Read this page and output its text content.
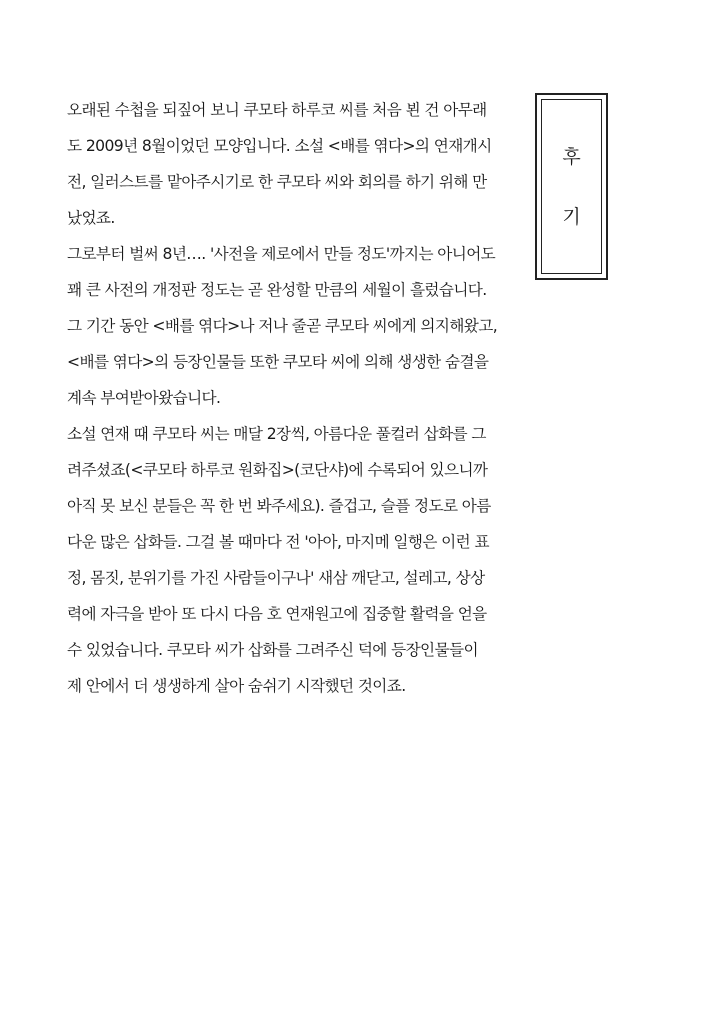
후
기
오래된 수첩을 되짚어 보니 쿠모타 하루코 씨를 처음 뵌 건 아무래
도 2009년 8월이었던 모양입니다. 소설 <배를 엮다>의 연재개시
전, 일러스트를 맡아주시기로 한 쿠모타 씨와 회의를 하기 위해 만
났었죠.
그로부터 벌써 8년…. '사전을 제로에서 만들 정도'까지는 아니어도
꽤 큰 사전의 개정판 정도는 곧 완성할 만큼의 세월이 흘렀습니다.
그 기간 동안 <배를 엮다>나 저나 줄곧 쿠모타 씨에게 의지해왔고,
<배를 엮다>의 등장인물들 또한 쿠모타 씨에 의해 생생한 숨결을
계속 부여받아왔습니다.
소설 연재 때 쿠모타 씨는 매달 2장씩, 아름다운 풀컬러 삽화를 그
려주셨죠(<쿠모타 하루코 원화집>(코단샤)에 수록되어 있으니까
아직 못 보신 분들은 꼭 한 번 봐주세요). 즐겁고, 슬플 정도로 아름
다운 많은 삽화들. 그걸 볼 때마다 전 '아아, 마지메 일행은 이런 표
정, 몸짓, 분위기를 가진 사람들이구나' 새삼 깨닫고, 설레고, 상상
력에 자극을 받아 또 다시 다음 호 연재원고에 집중할 활력을 얻을
수 있었습니다. 쿠모타 씨가 삽화를 그려주신 덕에 등장인물들이
제 안에서 더 생생하게 살아 숨쉬기 시작했던 것이죠.
